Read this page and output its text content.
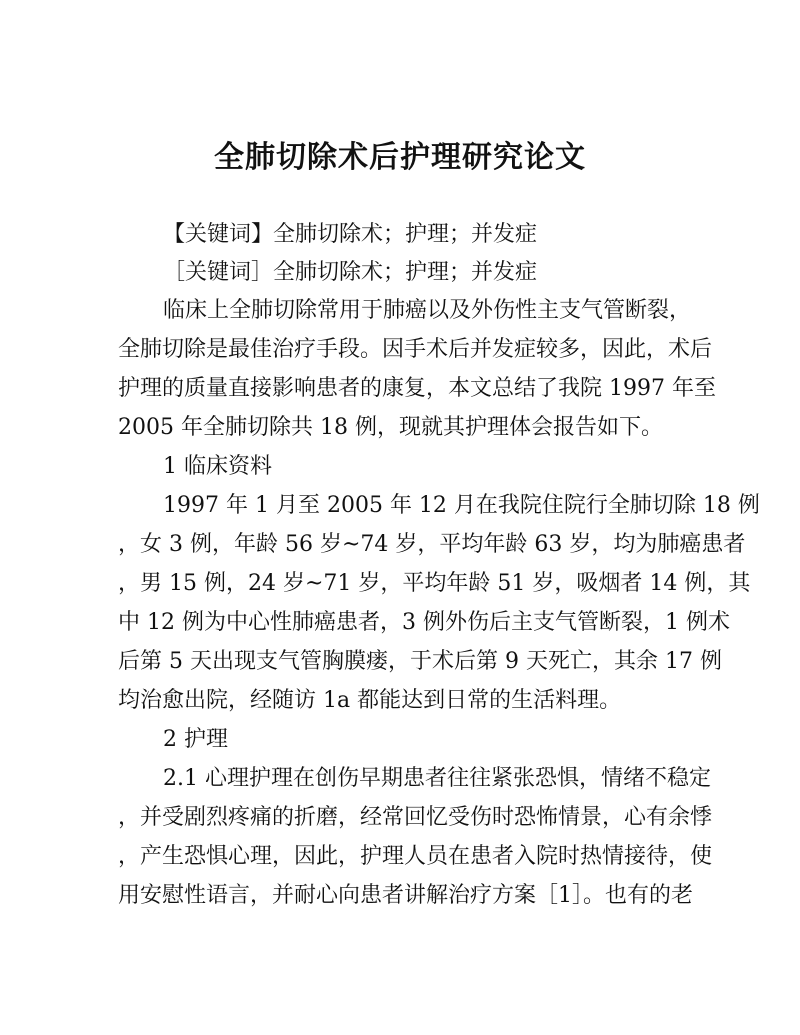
全肺切除术后护理研究论文
【关键词】全肺切除术；护理；并发症
［关键词］全肺切除术；护理；并发症
临床上全肺切除常用于肺癌以及外伤性主支气管断裂，
全肺切除是最佳治疗手段。因手术后并发症较多，因此，术后
护理的质量直接影响患者的康复，本文总结了我院 1997 年至
2005 年全肺切除共 18 例，现就其护理体会报告如下。
1 临床资料
1997 年 1 月至 2005 年 12 月在我院住院行全肺切除 18 例
，女 3 例，年龄 56 岁~74 岁，平均年龄 63 岁，均为肺癌患者
，男 15 例，24 岁~71 岁，平均年龄 51 岁，吸烟者 14 例，其
中 12 例为中心性肺癌患者，3 例外伤后主支气管断裂，1 例术
后第 5 天出现支气管胸膜瘘，于术后第 9 天死亡，其余 17 例
均治愈出院，经随访 1a 都能达到日常的生活料理。
2 护理
2.1 心理护理在创伤早期患者往往紧张恐惧，情绪不稳定
，并受剧烈疼痛的折磨，经常回忆受伤时恐怖情景，心有余悸
，产生恐惧心理，因此，护理人员在患者入院时热情接待，使
用安慰性语言，并耐心向患者讲解治疗方案［1］。也有的老
